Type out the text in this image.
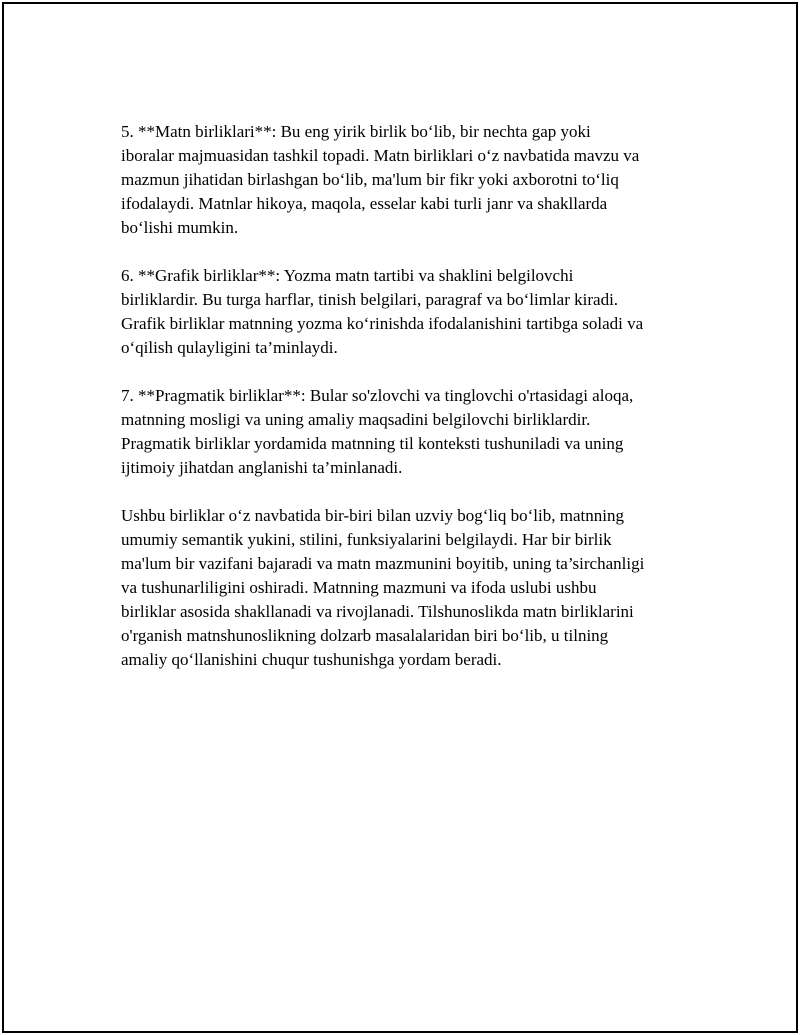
5. **Matn birliklari**: Bu eng yirik birlik bo‘lib, bir nechta gap yoki
iboralar majmuasidan tashkil topadi. Matn birliklari o‘z navbatida mavzu va
mazmun jihatidan birlashgan bo‘lib, ma'lum bir fikr yoki axborotni to‘liq
ifodalaydi. Matnlar hikoya, maqola, esselar kabi turli janr va shakllarda
bo‘lishi mumkin.

6. **Grafik birliklar**: Yozma matn tartibi va shaklini belgilovchi
birliklardir. Bu turga harflar, tinish belgilari, paragraf va bo‘limlar kiradi.
Grafik birliklar matnning yozma ko‘rinishda ifodalanishini tartibga soladi va
o‘qilish qulayligini ta’minlaydi.

7. **Pragmatik birliklar**: Bular so'zlovchi va tinglovchi o'rtasidagi aloqa,
matnning mosligi va uning amaliy maqsadini belgilovchi birliklardir.
Pragmatik birliklar yordamida matnning til konteksti tushuniladi va uning
ijtimoiy jihatdan anglanishi ta’minlanadi.

Ushbu birliklar o‘z navbatida bir-biri bilan uzviy bog‘liq bo‘lib, matnning
umumiy semantik yukini, stilini, funksiyalarini belgilaydi. Har bir birlik
ma'lum bir vazifani bajaradi va matn mazmunini boyitib, uning ta’sirchanligi
va tushunarliligini oshiradi. Matnning mazmuni va ifoda uslubi ushbu
birliklar asosida shakllanadi va rivojlanadi. Tilshunoslikda matn birliklarini
o'rganish matnshunoslikning dolzarb masalalaridan biri bo‘lib, u tilning
amaliy qo‘llanishini chuqur tushunishga yordam beradi.
